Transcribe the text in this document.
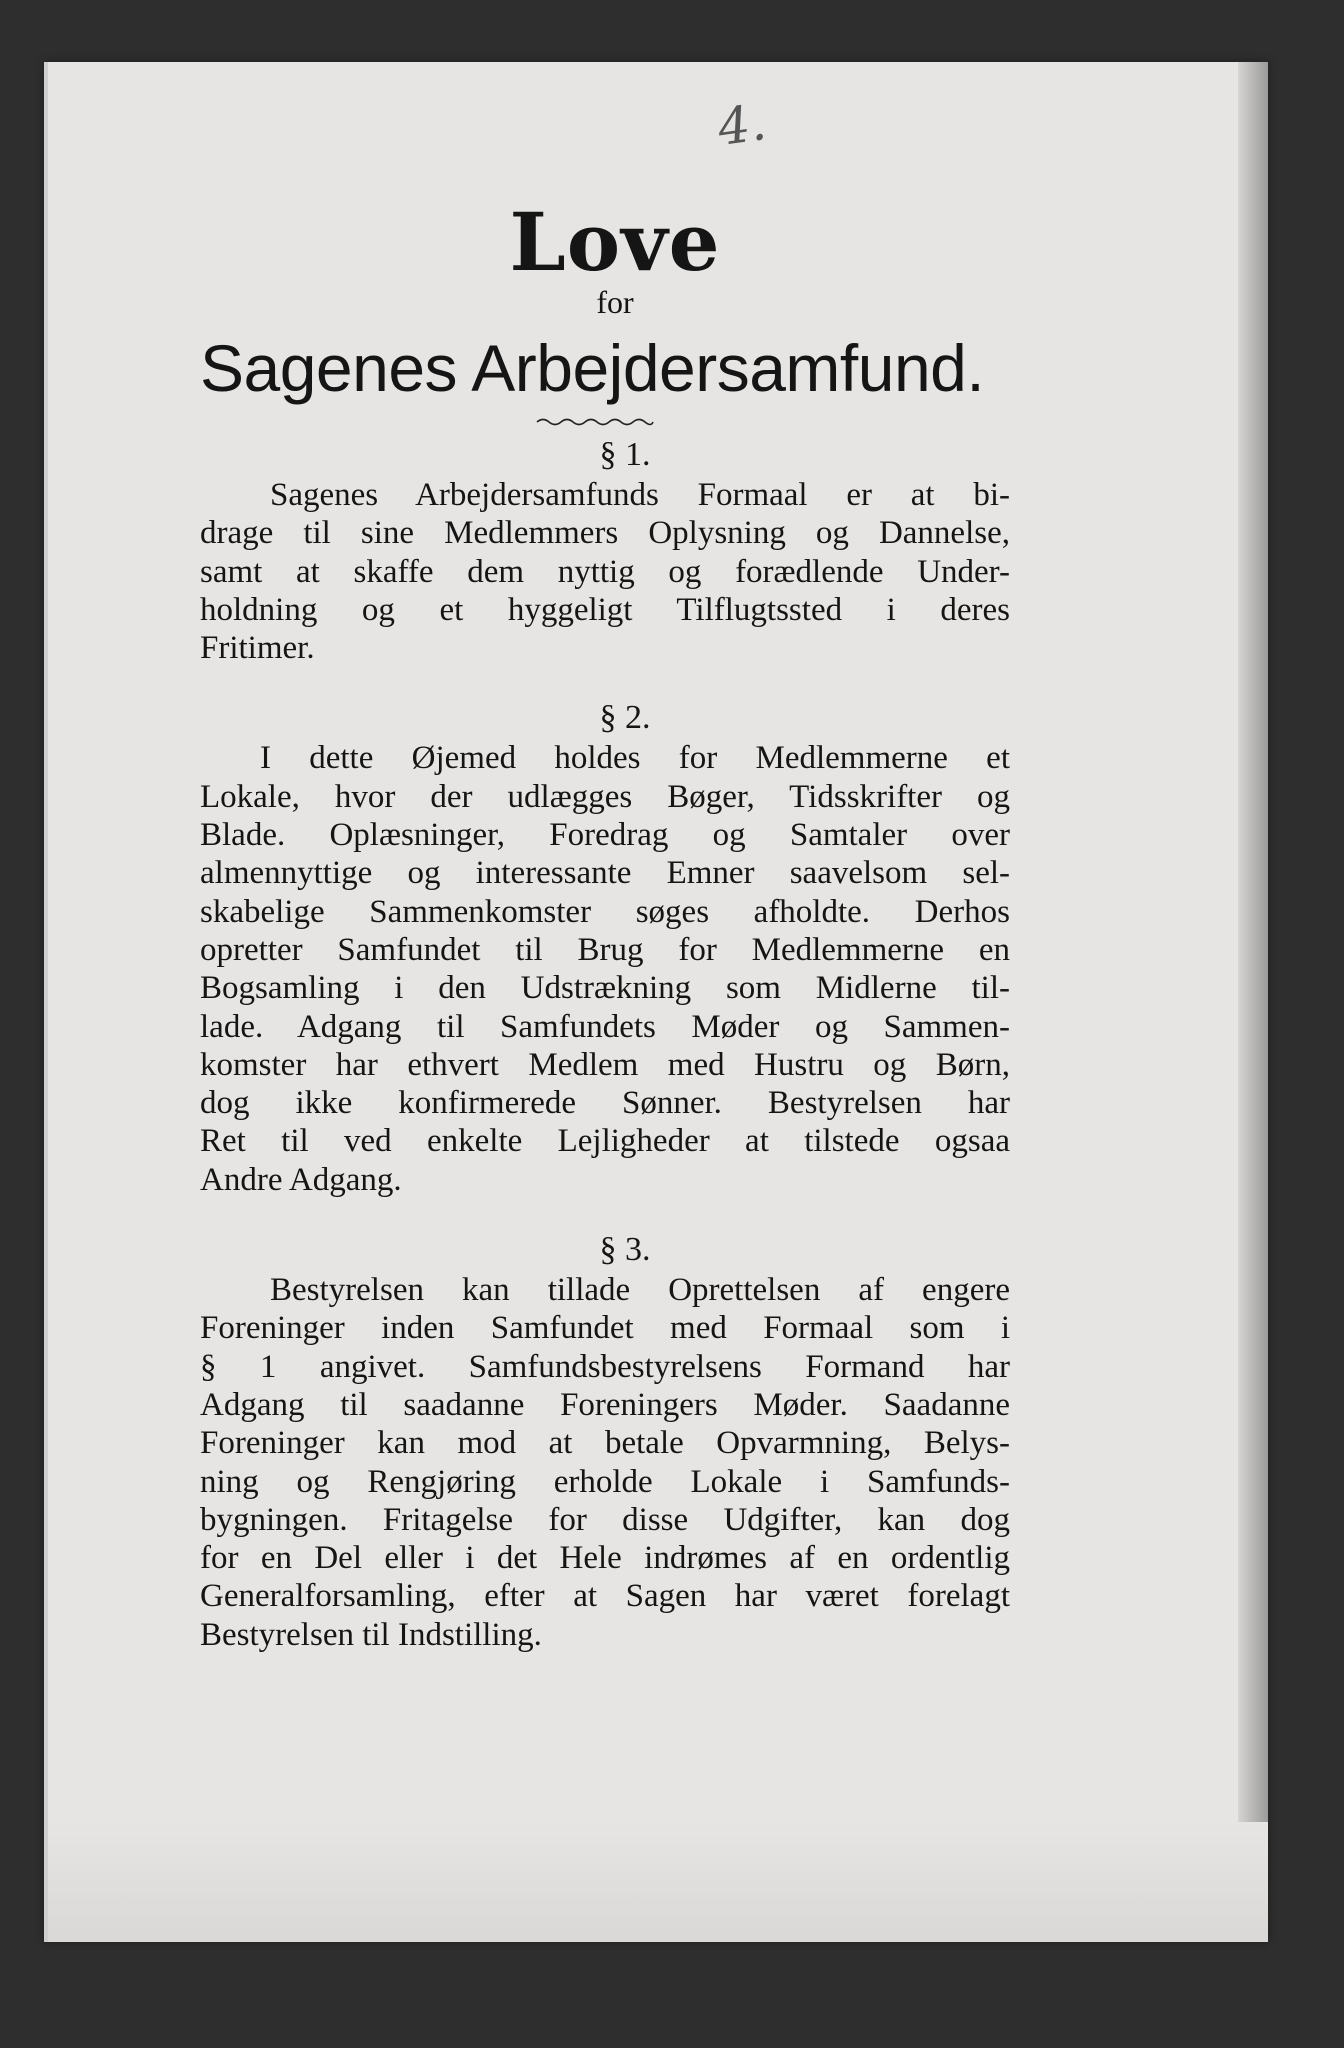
4.
Love
for
Sagenes Arbejdersamfund.
§ 1.
Sagenes Arbejdersamfunds Formaal er at bi-
drage til sine Medlemmers Oplysning og Dannelse,
samt at skaffe dem nyttig og forædlende Under-
holdning og et hyggeligt Tilflugtssted i deres
Fritimer.
§ 2.
I dette Øjemed holdes for Medlemmerne et
Lokale, hvor der udlægges Bøger, Tidsskrifter og
Blade. Oplæsninger, Foredrag og Samtaler over
almennyttige og interessante Emner saavelsom sel-
skabelige Sammenkomster søges afholdte. Derhos
opretter Samfundet til Brug for Medlemmerne en
Bogsamling i den Udstrækning som Midlerne til-
lade. Adgang til Samfundets Møder og Sammen-
komster har ethvert Medlem med Hustru og Børn,
dog ikke konfirmerede Sønner. Bestyrelsen har
Ret til ved enkelte Lejligheder at tilstede ogsaa
Andre Adgang.
§ 3.
Bestyrelsen kan tillade Oprettelsen af engere
Foreninger inden Samfundet med Formaal som i
§ 1 angivet. Samfundsbestyrelsens Formand har
Adgang til saadanne Foreningers Møder. Saadanne
Foreninger kan mod at betale Opvarmning, Belys-
ning og Rengjøring erholde Lokale i Samfunds-
bygningen. Fritagelse for disse Udgifter, kan dog
for en Del eller i det Hele indrømes af en ordentlig
Generalforsamling, efter at Sagen har været forelagt
Bestyrelsen til Indstilling.
